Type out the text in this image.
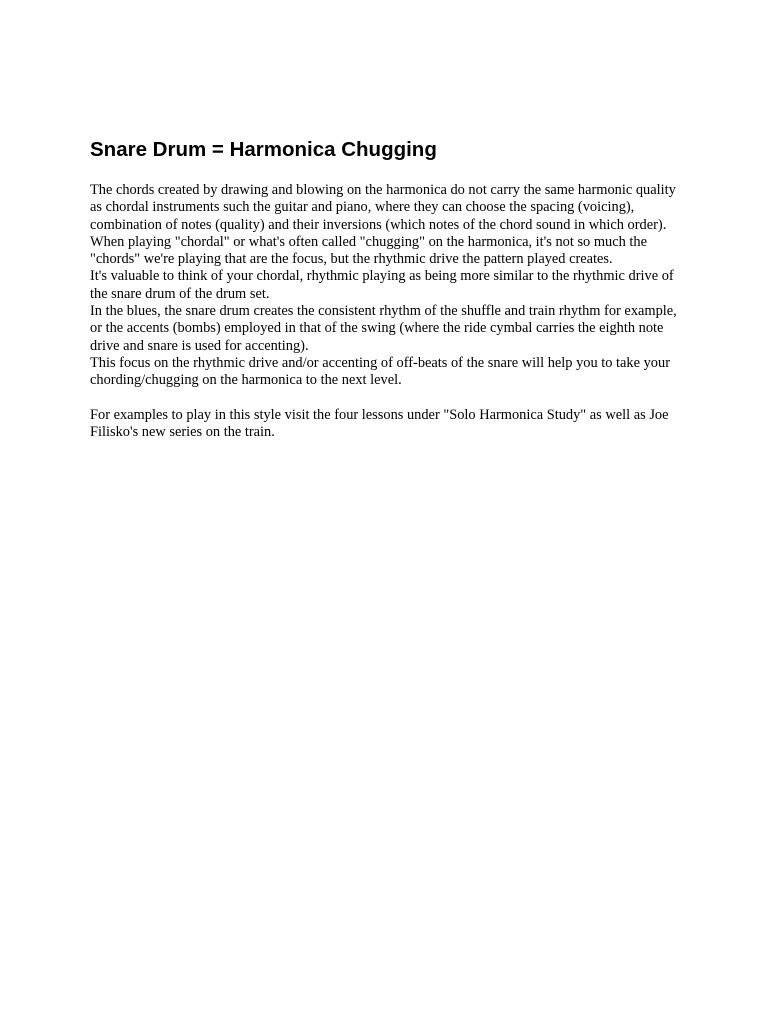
Snare Drum = Harmonica Chugging

The chords created by drawing and blowing on the harmonica do not carry the same harmonic quality as chordal instruments such the guitar and piano, where they can choose the spacing (voicing), combination of notes (quality) and their inversions (which notes of the chord sound in which order).

When playing "chordal" or what's often called "chugging" on the harmonica, it's not so much the "chords" we're playing that are the focus, but the rhythmic drive the pattern played creates.

It's valuable to think of your chordal, rhythmic playing as being more similar to the rhythmic drive of the snare drum of the drum set.

In the blues, the snare drum creates the consistent rhythm of the shuffle and train rhythm for example, or the accents (bombs) employed in that of the swing (where the ride cymbal carries the eighth note drive and snare is used for accenting).

This focus on the rhythmic drive and/or accenting of off-beats of the snare will help you to take your chording/chugging on the harmonica to the next level.

For examples to play in this style visit the four lessons under "Solo Harmonica Study" as well as Joe Filisko's new series on the train.
